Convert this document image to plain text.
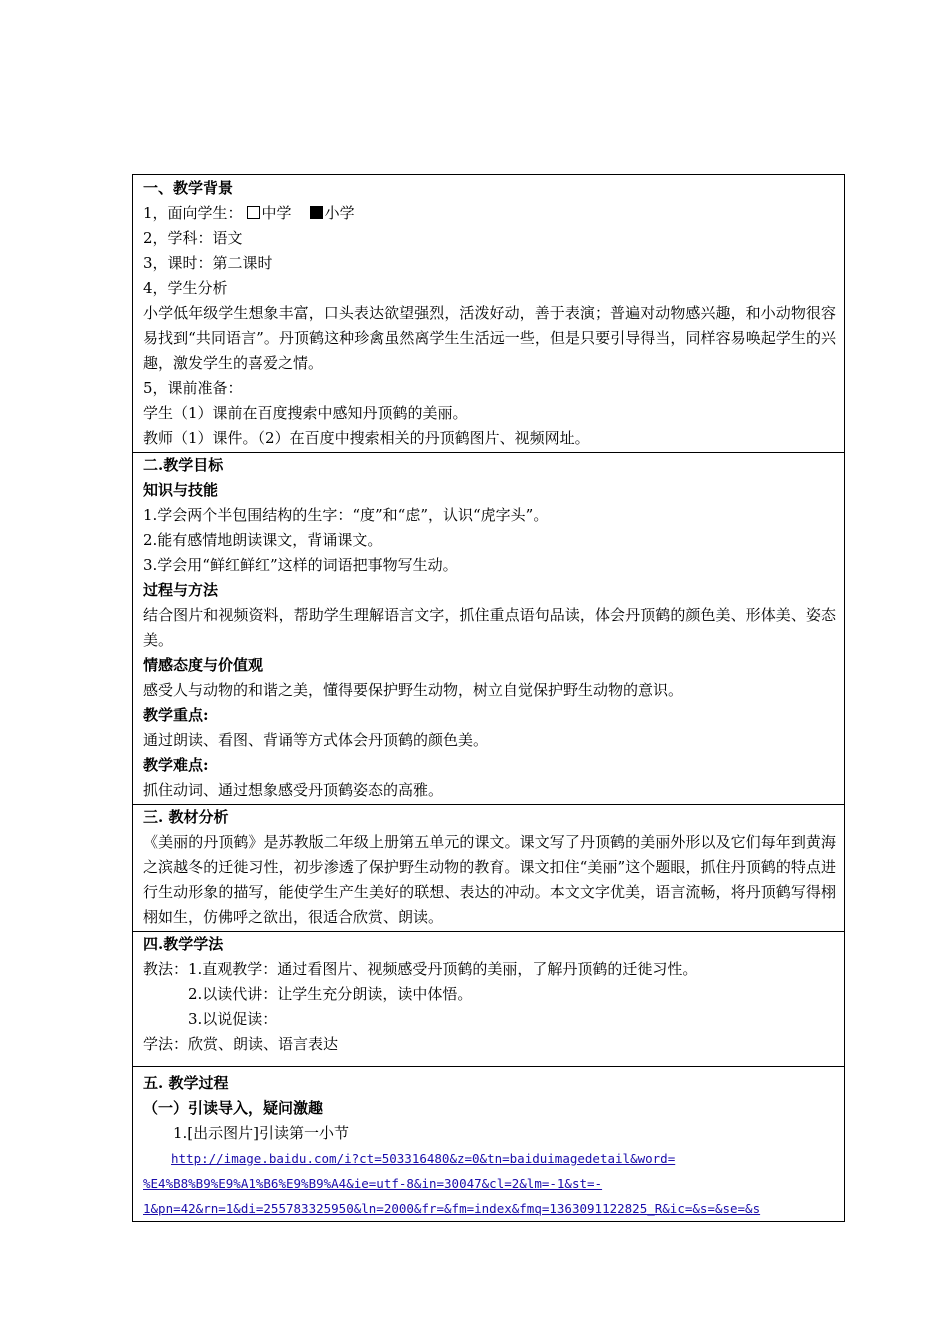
一、教学背景
1，面向学生： 中学 小学
2，学科：语文
3，课时：第二课时
4，学生分析
小学低年级学生想象丰富，口头表达欲望强烈，活泼好动，善于表演；普遍对动物感兴趣，和小动物很容易找到“共同语言”。丹顶鹤这种珍禽虽然离学生生活远一些，但是只要引导得当，同样容易唤起学生的兴趣，激发学生的喜爱之情。
5，课前准备：
学生（1）课前在百度搜索中感知丹顶鹤的美丽。
教师（1）课件。（2）在百度中搜索相关的丹顶鹤图片、视频网址。

二.教学目标
知识与技能
1.学会两个半包围结构的生字：“度”和“虑”，认识“虎字头”。
2.能有感情地朗读课文，背诵课文。
3.学会用“鲜红鲜红”这样的词语把事物写生动。
过程与方法
结合图片和视频资料，帮助学生理解语言文字，抓住重点语句品读，体会丹顶鹤的颜色美、形体美、姿态美。
情感态度与价值观
感受人与动物的和谐之美，懂得要保护野生动物，树立自觉保护野生动物的意识。
教学重点:
通过朗读、看图、背诵等方式体会丹顶鹤的颜色美。
教学难点:
抓住动词、通过想象感受丹顶鹤姿态的高雅。

三. 教材分析
《美丽的丹顶鹤》是苏教版二年级上册第五单元的课文。课文写了丹顶鹤的美丽外形以及它们每年到黄海之滨越冬的迁徙习性，初步渗透了保护野生动物的教育。课文扣住“美丽”这个题眼，抓住丹顶鹤的特点进行生动形象的描写，能使学生产生美好的联想、表达的冲动。本文文字优美，语言流畅，将丹顶鹤写得栩栩如生，仿佛呼之欲出，很适合欣赏、朗读。

四.教学学法
教法：1.直观教学：通过看图片、视频感受丹顶鹤的美丽，了解丹顶鹤的迁徙习性。
2.以读代讲：让学生充分朗读，读中体悟。
3.以说促读：
学法：欣赏、朗读、语言表达

五. 教学过程
（一）引读导入，疑问激趣
1.[出示图片]引读第一小节
http://image.baidu.com/i?ct=503316480&z=0&tn=baiduimagedetail&word=
%E4%B8%B9%E9%A1%B6%E9%B9%A4&ie=utf-8&in=30047&cl=2&lm=-1&st=-
1&pn=42&rn=1&di=255783325950&ln=2000&fr=&fm=index&fmq=1363091122825_R&ic=&s=&se=&s
